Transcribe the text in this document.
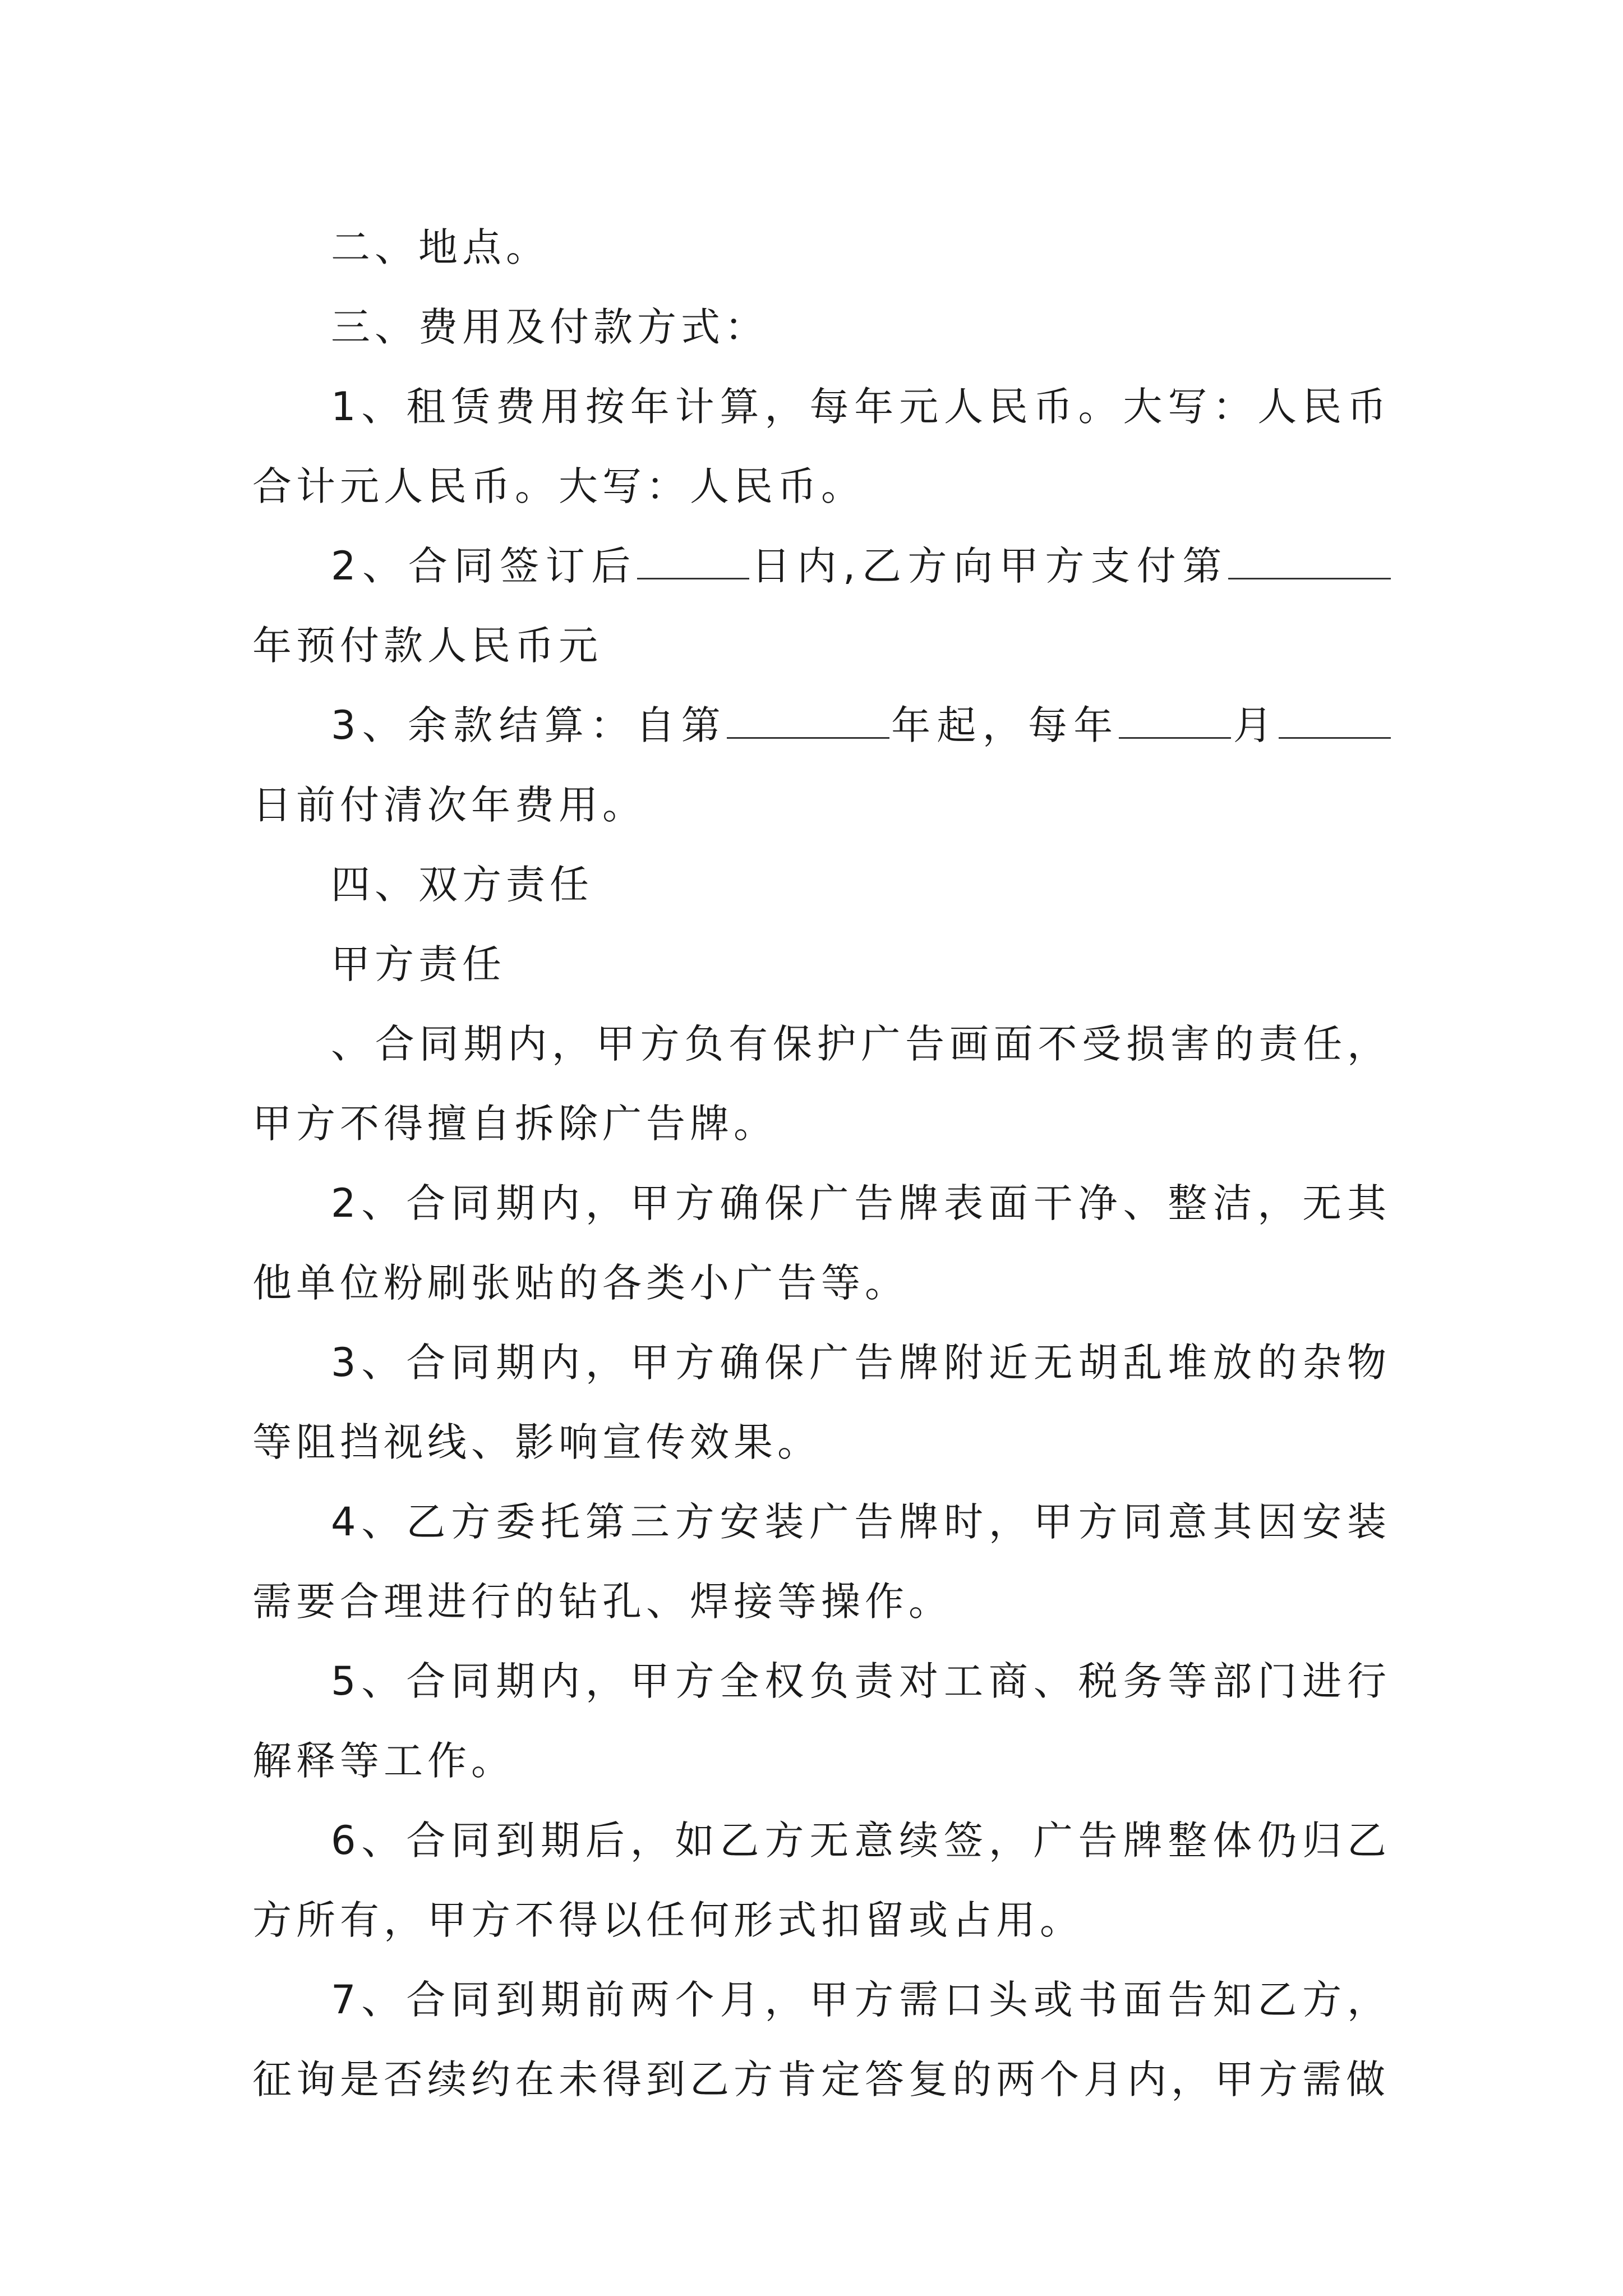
二、地点。

三、费用及付款方式：

1、租赁费用按年计算，每年元人民币。大写：人民币合计元人民币。大写：人民币。

2、合同签订后	日内,乙方向甲方支付第年预付款人民币元

3、余款结算：自第	年起，每年	月日前付清次年费用。

四、双方责任

甲方责任

、合同期内，甲方负有保护广告画面不受损害的责任，甲方不得擅自拆除广告牌。

2、合同期内，甲方确保广告牌表面干净、整洁，无其他单位粉刷张贴的各类小广告等。

3、合同期内，甲方确保广告牌附近无胡乱堆放的杂物等阻挡视线、影响宣传效果。

4、乙方委托第三方安装广告牌时，甲方同意其因安装需要合理进行的钻孔、焊接等操作。

5、合同期内，甲方全权负责对工商、税务等部门进行解释等工作。

6、合同到期后，如乙方无意续签，广告牌整体仍归乙方所有，甲方不得以任何形式扣留或占用。

7、合同到期前两个月，甲方需口头或书面告知乙方，征询是否续约在未得到乙方肯定答复的两个月内，甲方需做
